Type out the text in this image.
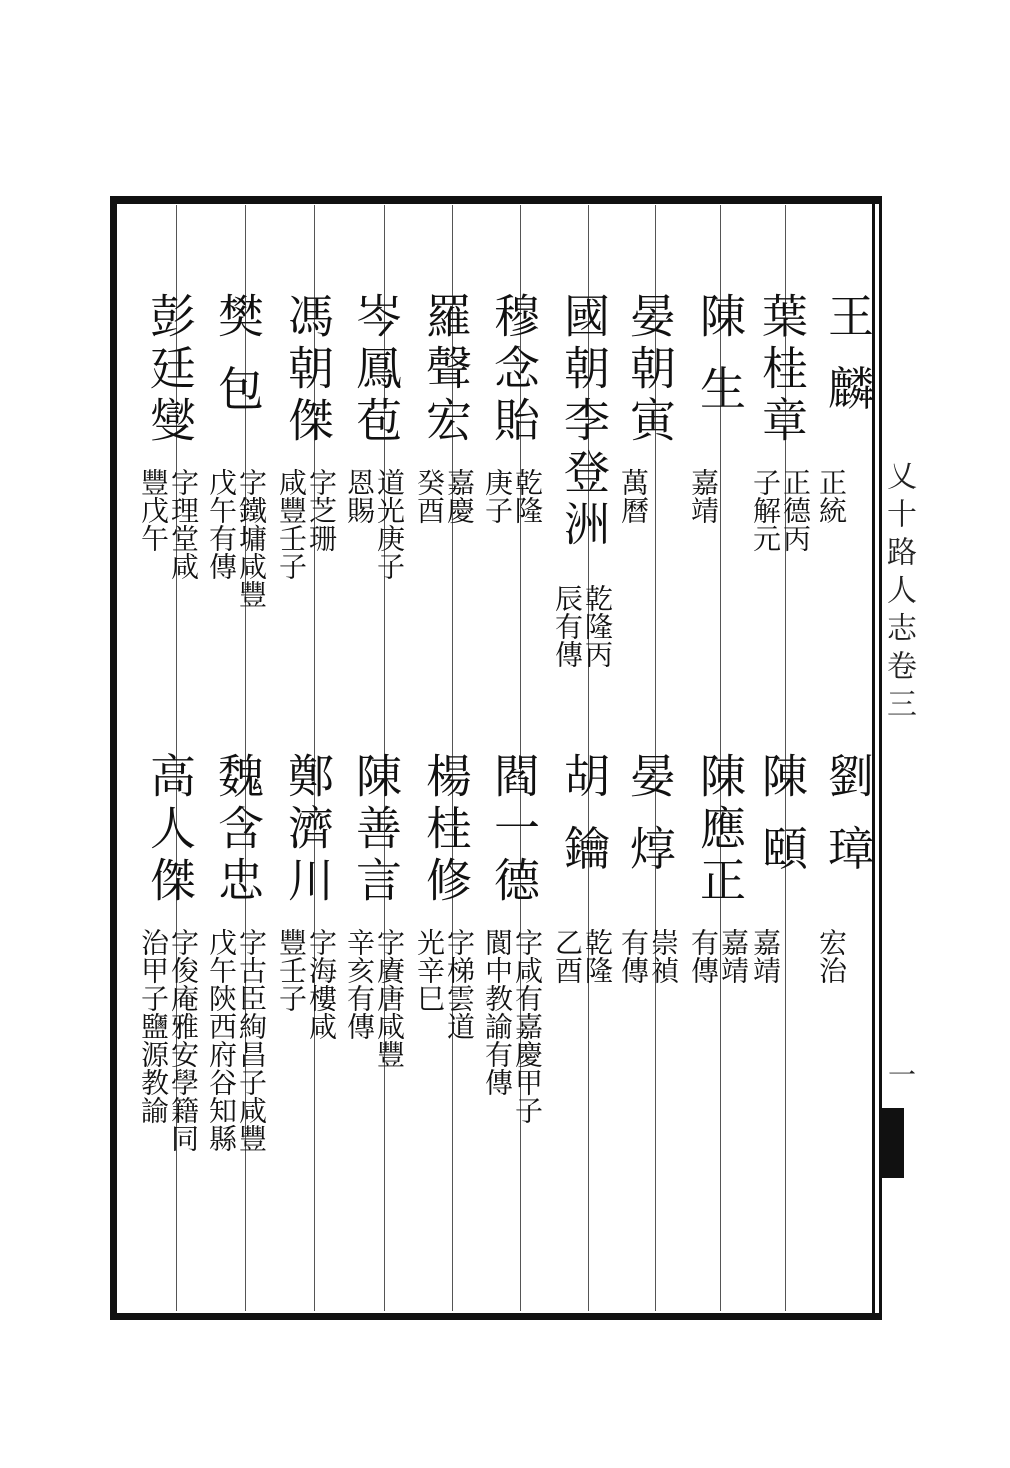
王 麟
正統
葉桂章
正德丙
子解元
陳 生
嘉靖
晏朝寅
萬曆
國朝李登洲
乾隆丙
辰有傳
穆念貽
乾隆
庚子
羅聲宏
嘉慶
癸酉
岑鳳苞
道光庚子
恩賜
馮朝傑
字芝珊
咸豐壬子
樊 包
字鐵墉咸豐
戊午有傳
彭廷燮
字理堂咸
豐戊午
劉 璋
宏治
陳 頤
嘉靖
陳應正
嘉靖
有傳
晏 焞
崇禎
有傳
胡 鑰
乾隆
乙酉
閻一德
字咸有嘉慶甲子
閬中教諭有傳
楊桂修
字梯雲道
光辛巳
陳善言
字賡唐咸豐
辛亥有傳
鄭濟川
字海樓咸
豐壬子
魏含忠
字古臣絢昌子咸豐
戊午陝西府谷知縣
高人傑
字俊庵雅安學籍同
治甲子鹽源教諭
乂十路人志卷三
一
